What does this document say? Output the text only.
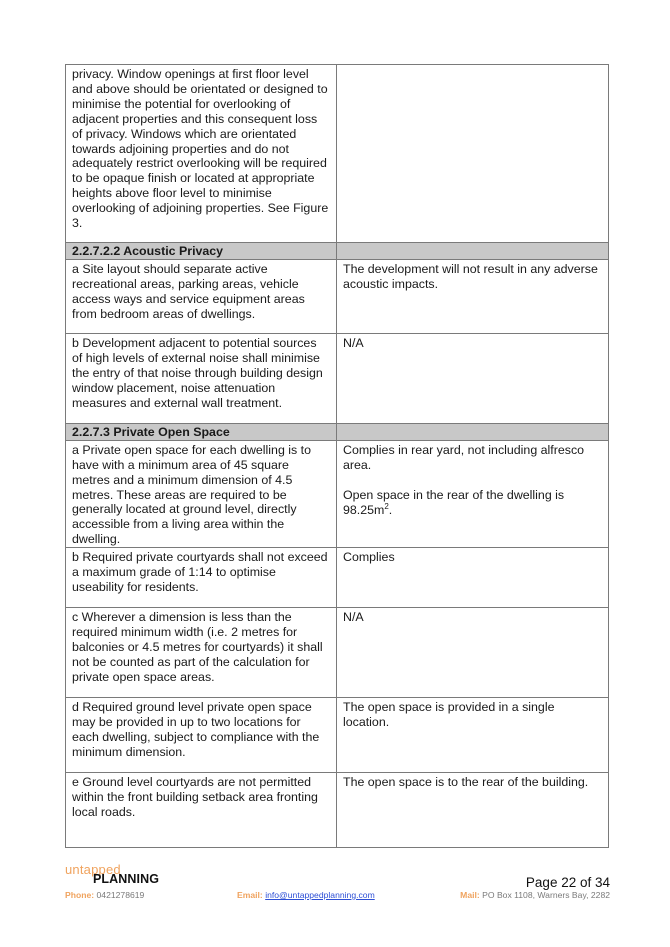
privacy. Window openings at first floor level and above should be orientated or designed to minimise the potential for overlooking of adjacent properties and this consequent loss of privacy. Windows which are orientated towards adjoining properties and do not adequately restrict overlooking will be required to be opaque finish or located at appropriate heights above floor level to minimise overlooking of adjoining properties. See Figure 3.	
2.2.7.2.2 Acoustic Privacy	
a Site layout should separate active recreational areas, parking areas, vehicle access ways and service equipment areas from bedroom areas of dwellings.	The development will not result in any adverse acoustic impacts.
b Development adjacent to potential sources of high levels of external noise shall minimise the entry of that noise through building design window placement, noise attenuation measures and external wall treatment.	N/A
2.2.7.3 Private Open Space	
a Private open space for each dwelling is to have with a minimum area of 45 square metres and a minimum dimension of 4.5 metres. These areas are required to be generally located at ground level, directly accessible from a living area within the dwelling.	Complies in rear yard, not including alfresco area.

Open space in the rear of the dwelling is $98.25m^2$.

b Required private courtyards shall not exceed a maximum grade of 1:14 to optimise useability for residents.	Complies
c Wherever a dimension is less than the required minimum width (i.e. 2 metres for balconies or 4.5 metres for courtyards) it shall not be counted as part of the calculation for private open space areas.	N/A
d Required ground level private open space may be provided in up to two locations for each dwelling, subject to compliance with the minimum dimension.	The open space is provided in a single location.
e Ground level courtyards are not permitted within the front building setback area fronting local roads.	The open space is to the rear of the building.
untapped
PLANNING	Page 22 of 34
Phone: 0421278619	Email: info@untappedplanning.com	Mail: PO Box 1108, Warners Bay, 2282
